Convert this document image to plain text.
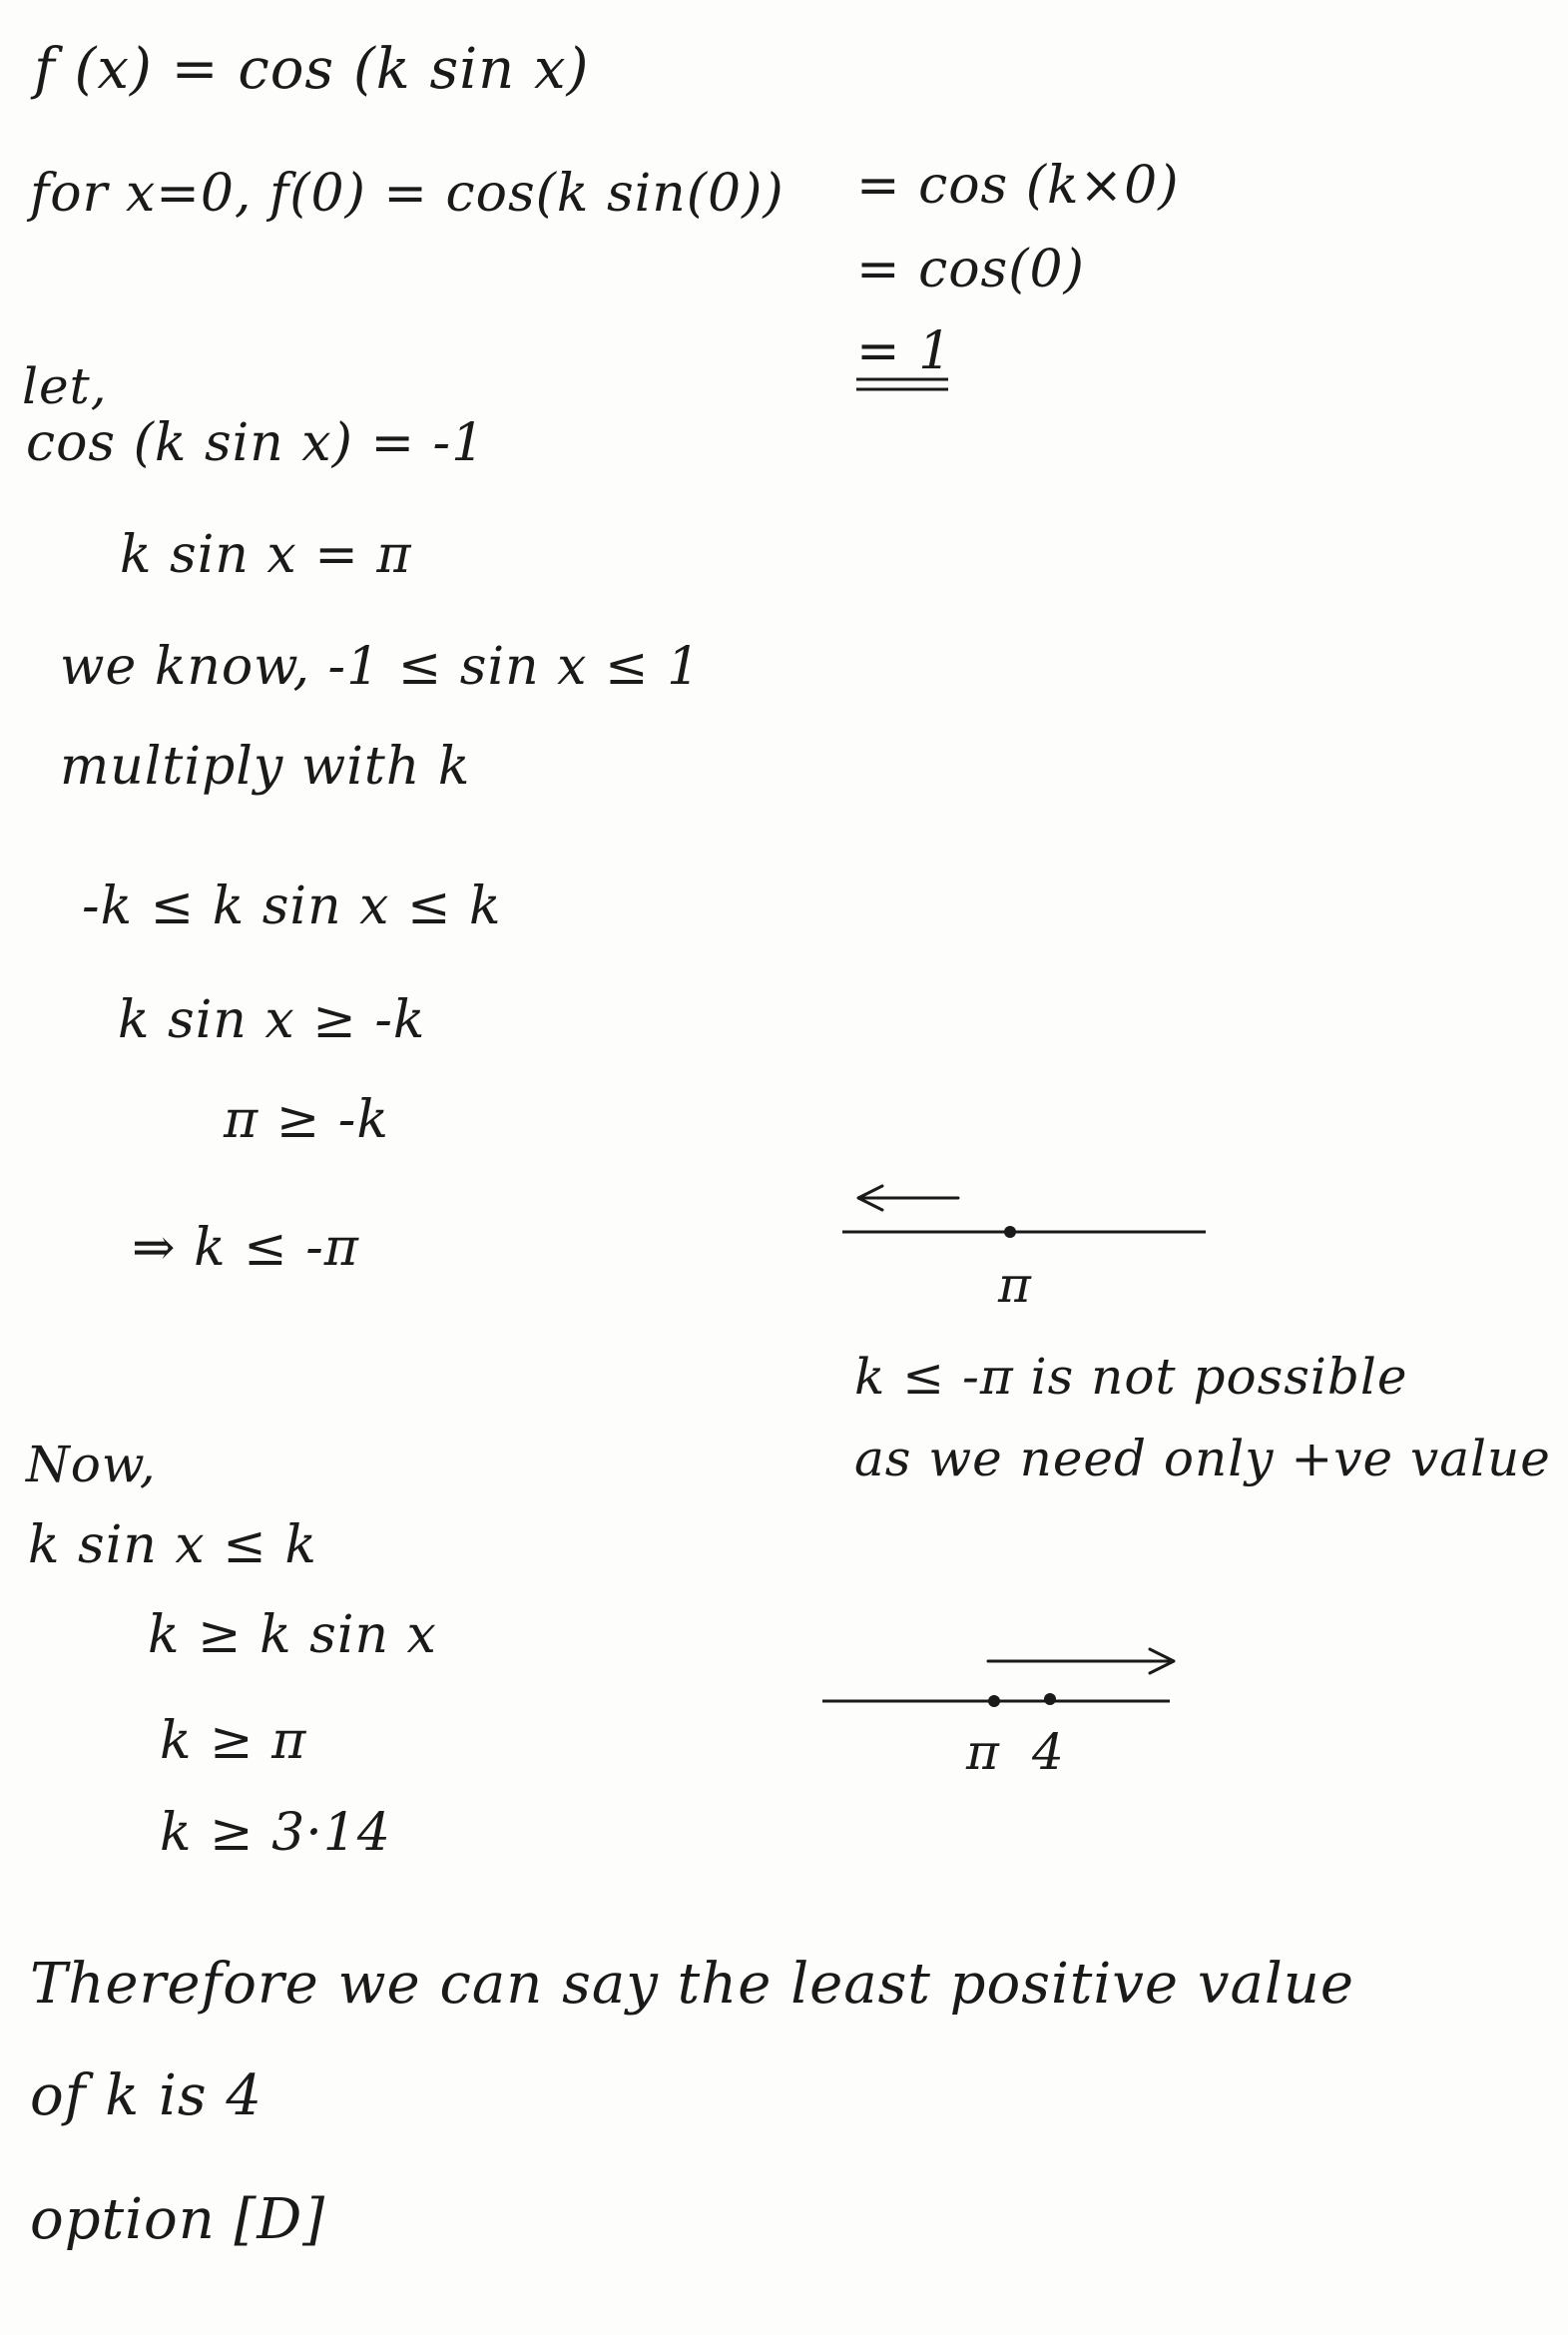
f (x) = cos (k sin x)
for x=0, f(0) = cos(k sin(0)) = cos (k×0)
= cos(0)
= 1
let,
cos (k sin x) = -1
k sin x = π
we know, -1 ≤ sin x ≤ 1
multiply with k
-k ≤ k sin x ≤ k
k sin x ≥ -k
π ≥ -k
⇒ k ≤ -π
π
k ≤ -π is not possible
as we need only +ve value
Now,
k sin x ≤ k
k ≥ k sin x
k ≥ π
k ≥ 3·14
π 4
Therefore we can say the least positive value
of k is 4
option [D]
